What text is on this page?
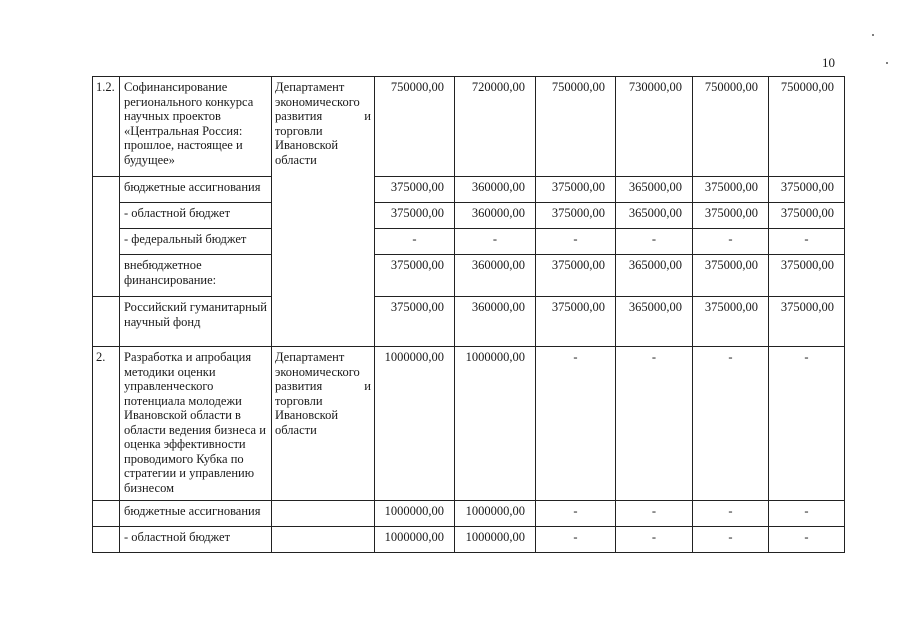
10
1.2.	Софинансирование регионального конкурса научных проектов «Центральная Россия: прошлое, настоящее и будущее»	Департамент экономического развития и торговли Ивановской области	750000,00	720000,00	750000,00	730000,00	750000,00	750000,00
	бюджетные ассигнования		375000,00	360000,00	375000,00	365000,00	375000,00	375000,00
	- областной бюджет		375000,00	360000,00	375000,00	365000,00	375000,00	375000,00
	- федеральный бюджет		-	-	-	-	-	-
	внебюджетное финансирование:		375000,00	360000,00	375000,00	365000,00	375000,00	375000,00
	Российский гуманитарный научный фонд		375000,00	360000,00	375000,00	365000,00	375000,00	375000,00
2.	Разработка и апробация методики оценки управленческого потенциала молодежи Ивановской области в области ведения бизнеса и оценка эффективности проводимого Кубка по стратегии и управлению бизнесом	Департамент экономического развития и торговли Ивановской области	1000000,00	1000000,00	-	-	-	-
	бюджетные ассигнования		1000000,00	1000000,00	-	-	-	-
	- областной бюджет		1000000,00	1000000,00	-	-	-	-
